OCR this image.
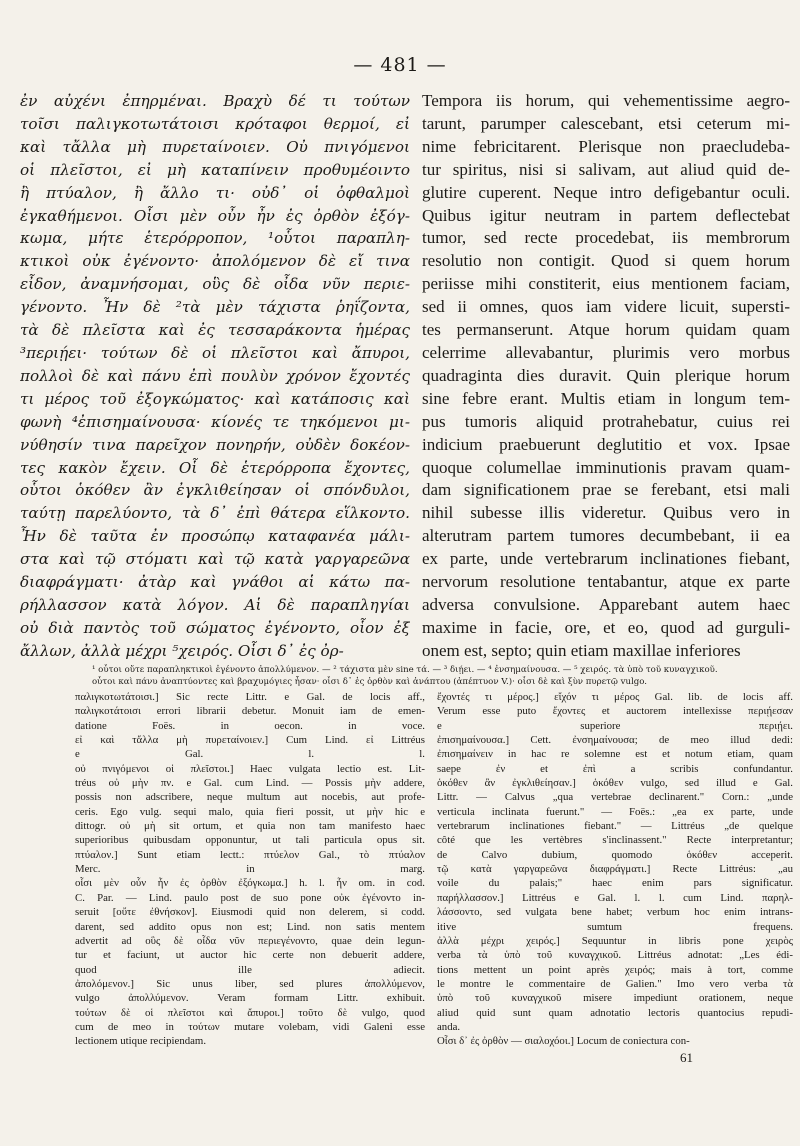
— 481 —
ἐν αὐχένι ἐπηρμέναι. Βραχὺ δέ τι τούτων
τοῖσι παλιγκοτωτάτοισι κρόταφοι θερμοί, εἰ
καὶ τἄλλα μὴ πυρεταίνοιεν. Οὐ πνιγόμενοι
οἱ πλεῖστοι, εἰ μὴ καταπίνειν προθυμέοιντο
ἢ πτύαλον, ἢ ἄλλο τι· οὐδ᾽ οἱ ὀφθαλμοὶ
ἐγκαθήμενοι. Οἷσι μὲν οὖν ἦν ἐς ὀρθὸν ἐξόγ-
κωμα, μήτε ἑτερόρροπον, ¹οὗτοι παραπλη-
κτικοὶ οὐκ ἐγένοντο· ἀπολόμενον δὲ εἴ τινα
εἶδον, ἀναμνήσομαι, οὓς δὲ οἶδα νῦν περιε-
γένοντο. Ἦν δὲ ²τὰ μὲν τάχιστα ῥηΐζοντα,
τὰ δὲ πλεῖστα καὶ ἐς τεσσαράκοντα ἡμέρας
³περιῄει· τούτων δὲ οἱ πλεῖστοι καὶ ἄπυροι,
πολλοὶ δὲ καὶ πάνυ ἐπὶ πουλὺν χρόνον ἔχοντές
τι μέρος τοῦ ἐξογκώματος· καὶ κατάποσις καὶ
φωνὴ ⁴ἐπισημαίνουσα· κίονές τε τηκόμενοι μι-
νύθησίν τινα παρεῖχον πονηρήν, οὐδὲν δοκέον-
τες κακὸν ἔχειν. Οἷ δὲ ἑτερόρροπα ἔχοντες,
οὗτοι ὁκόθεν ἂν ἐγκλιθείησαν οἱ σπόνδυλοι,
ταύτῃ παρελύοντο, τὰ δ᾽ ἐπὶ θάτερα εἵλκοντο.
Ἦν δὲ ταῦτα ἐν προσώπῳ καταφανέα μάλι-
στα καὶ τῷ στόματι καὶ τῷ κατὰ γαργαρεῶνα
διαφράγματι· ἀτὰρ καὶ γνάθοι αἱ κάτω πα-
ρήλλασσον κατὰ λόγον. Αἱ δὲ παραπληγίαι
οὐ διὰ παντὸς τοῦ σώματος ἐγένοντο, οἷον ἐξ
ἄλλων, ἀλλὰ μέχρι ⁵χειρός. Οἷσι δ᾽ ἐς ὀρ-
Tempora iis horum, qui vehementissime aegro-
tarunt, parumper calescebant, etsi ceterum mi-
nime febricitarent. Plerisque non praecludeba-
tur spiritus, nisi si salivam, aut aliud quid de-
glutire cuperent. Neque intro defigebantur oculi.
Quibus igitur neutram in partem deflectebat
tumor, sed recte procedebat, iis membrorum
resolutio non contigit. Quod si quem horum
periisse mihi constiterit, eius mentionem faciam,
sed ii omnes, quos iam videre licuit, supersti-
tes permanserunt. Atque horum quidam quam
celerrime allevabantur, plurimis vero morbus
quadraginta dies duravit. Quin plerique horum
sine febre erant. Multis etiam in longum tem-
pus tumoris aliquid protrahebatur, cuius rei
indicium praebuerunt deglutitio et vox. Ipsae
quoque columellae imminutionis pravam quam-
dam significationem prae se ferebant, etsi mali
nihil subesse illis videretur. Quibus vero in
alterutram partem tumores decumbebant, ii ea
ex parte, unde vertebrarum inclinationes fiebant,
nervorum resolutione tentabantur, atque ex parte
adversa convulsione. Apparebant autem haec
maxime in facie, ore, et eo, quod ad gurguli-
onem est, septo; quin etiam maxillae inferiores
¹ οὗτοι οὔτε παραπληκτικοὶ ἐγένοντο ἀπολλύμενον. — ² τάχιστα μὲν sine τά. — ³ διῄει. — ⁴ ἐνσημαίνουσα. — ⁵ χειρός. τὰ ὑπὸ τοῦ κυναγχικοῦ.
οὗτοι καὶ πάνυ ἀναπτύοντες καὶ βραχυμόγιες ἦσαν· οἷσι δ᾽ ἐς ὀρθὸν καὶ ἀνάπτου (ἀπέπτυον V.)· οἷσι δὲ καὶ ξὺν πυρετῷ vulgo.
παλιγκοτωτάτοισι.] Sic recte Littr. e Gal. de locis aff.,
παλιγκοτάτοισι errori librarii debetur. Monuit iam de emen-
datione Foës. in oecon. in voce.
εἰ καὶ τἄλλα μὴ πυρεταίνοιεν.] Cum Lind. εἰ Littréus
e Gal. l. l.
οὐ πνιγόμενοι οἱ πλεῖστοι.] Haec vulgata lectio est. Lit-
tréus οὐ μὴν πν. e Gal. cum Lind. — Possis μὴν addere,
possis non adscribere, neque multum aut nocebis, aut profe-
ceris. Ego vulg. sequi malo, quia fieri possit, ut μὴν hic e
dittogr. οὐ μὴ sit ortum, et quia non tam manifesto haec
superioribus quibusdam opponuntur, ut tali particula opus sit.
πτύαλον.] Sunt etiam lectt.: πτύελον Gal., τὸ πτύαλον
Merc. in marg.
οἷσι μὲν οὖν ἦν ἐς ὀρθὸν ἐξόγκωμα.] h. l. ἦν om. in cod.
C. Par. — Lind. paulo post de suo pone οὐκ ἐγένοντο in-
seruit [οὔτε ἐθνήσκον]. Eiusmodi quid non delerem, si codd.
darent, sed addito opus non est; Lind. non satis mentem
advertit ad οὓς δὲ οἶδα νῦν περιεγένοντο, quae dein legun-
tur et faciunt, ut auctor hic certe non debuerit addere,
quod ille adiecit.
ἀπολόμενον.] Sic unus liber, sed plures ἀπολλύμενον,
vulgo ἀπολλύμενον. Veram formam Littr. exhibuit.
τούτων δὲ οἱ πλεῖστοι καὶ ἄπυροι.] τοῦτο δὲ vulgo, quod
cum de meo in τούτων mutare volebam, vidi Galeni esse
lectionem utique recipiendam.
ἔχοντές τι μέρος.] εἴχόν τι μέρος Gal. lib. de locis aff.
Verum esse puto ἔχοντες et auctorem intellexisse περιῄεσαν
e superiore περιῄει.
ἐπισημαίνουσα.] Cett. ἐνσημαίνουσα; de meo illud dedi:
ἐπισημαίνειν in hac re solemne est et notum etiam, quam
saepe ἐν et ἐπὶ a scribis confundantur.
ὁκόθεν ἂν ἐγκλιθείησαν.] ὁκόθεν vulgo, sed illud e Gal.
Littr. — Calvus „qua vertebrae declinarent." Corn.: „unde
verticula inclinata fuerunt." — Foës.: „ea ex parte, unde
vertebrarum inclinationes fiebant." — Littréus „de quelque
côté que les vertèbres s'inclinassent." Recte interpretantur;
de Calvo dubium, quomodo ὁκόθεν acceperit.
τῷ κατὰ γαργαρεῶνα διαφράγματι.] Recte Littréus: „au
voile du palais;" haec enim pars significatur.
παρήλλασσον.] Littréus e Gal. l. l. cum Lind. παρηλ-
λάσσοντο, sed vulgata bene habet; verbum hoc enim intrans-
itive sumtum frequens.
ἀλλὰ μέχρι χειρός.] Sequuntur in libris pone χειρὸς
verba τὰ ὑπὸ τοῦ κυναγχικοῦ. Littréus adnotat: „Les édi-
tions mettent un point après χειρός; mais à tort, comme
le montre le commentaire de Galien." Imo vero verba τὰ
ὑπὸ τοῦ κυναγχικοῦ misere impediunt orationem, neque
aliud quid sunt quam adnotatio lectoris quantocius repudi-
anda.
Οἷσι δ᾽ ἐς ὀρθὸν — σιαλοχόοι.] Locum de coniectura con-
61
